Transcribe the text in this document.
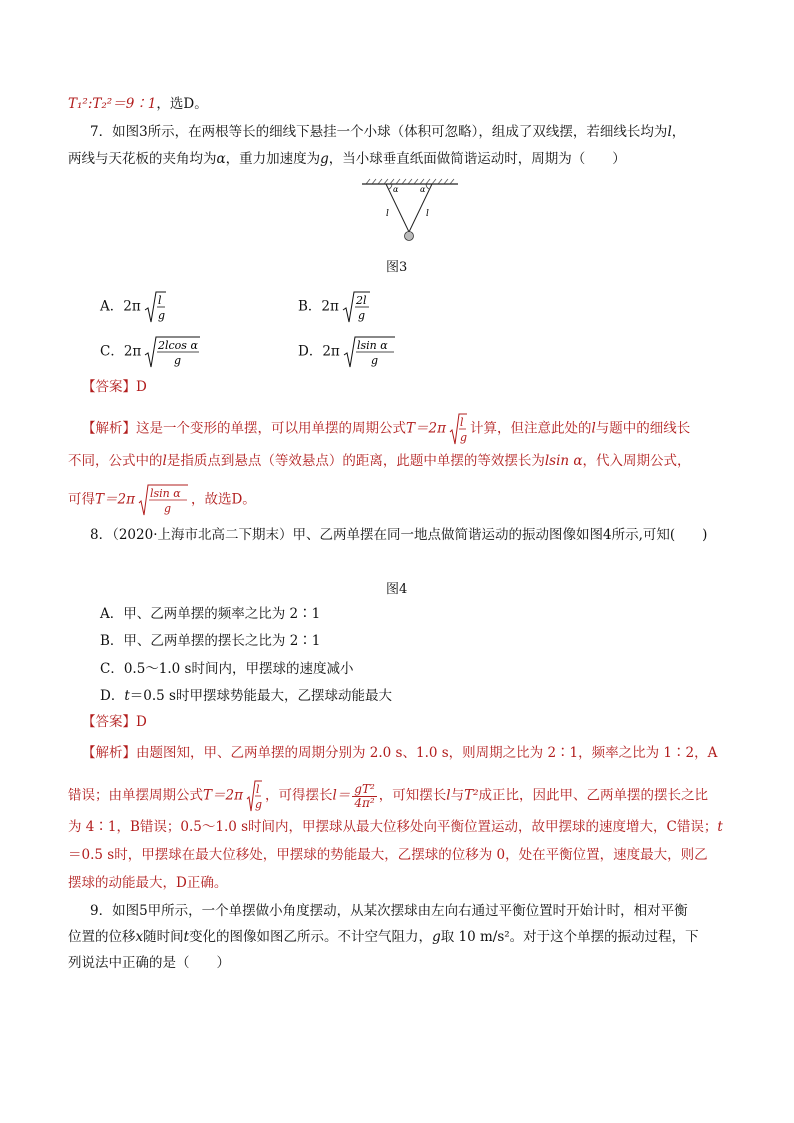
T₁²:T₂²＝9∶1，选D。
7．如图3所示，在两根等长的细线下悬挂一个小球（体积可忽略），组成了双线摆，若细线长均为l，
两线与天花板的夹角均为α，重力加速度为g，当小球垂直纸面做简谐运动时，周期为（　　）
α	α
l	l
图3
A．2π l
g
B．2π 2l
g
C．2π 2lcos α
g
D．2π lsin α
g
【答案】D
【解析】这是一个变形的单摆，可以用单摆的周期公式T＝2π l
g
计算，但注意此处的l与题中的细线长
不同，公式中的l是指质点到悬点（等效悬点）的距离，此题中单摆的等效摆长为lsin α，代入周期公式，
可得T＝2π lsin α
g
，故选D。
8．（2020·上海市北高二下期末）甲、乙两单摆在同一地点做简谐运动的振动图像如图4所示,可知(　　)
图4
A．甲、乙两单摆的频率之比为 2∶1
B．甲、乙两单摆的摆长之比为 2∶1
C．0.5～1.0 s时间内，甲摆球的速度减小
D．t＝0.5 s时甲摆球势能最大，乙摆球动能最大
【答案】D
【解析】由题图知，甲、乙两单摆的周期分别为 2.0 s、1.0 s，则周期之比为 2∶1，频率之比为 1∶2，A
错误；由单摆周期公式T＝2π l
g
，可得摆长$l= \frac{\text{gT²}}{\text{4π²}}$ ，可知摆长l与T²成正比，因此甲、乙两单摆的摆长之比
为 4∶1，B错误；0.5～1.0 s时间内，甲摆球从最大位移处向平衡位置运动，故甲摆球的速度增大，C错误；t
＝0.5 s时，甲摆球在最大位移处，甲摆球的势能最大，乙摆球的位移为 0，处在平衡位置，速度最大，则乙
摆球的动能最大，D正确。
9．如图5甲所示，一个单摆做小角度摆动，从某次摆球由左向右通过平衡位置时开始计时，相对平衡
位置的位移x随时间t变化的图像如图乙所示。不计空气阻力，g取 10 m/s²。对于这个单摆的振动过程，下
列说法中正确的是（　　）
